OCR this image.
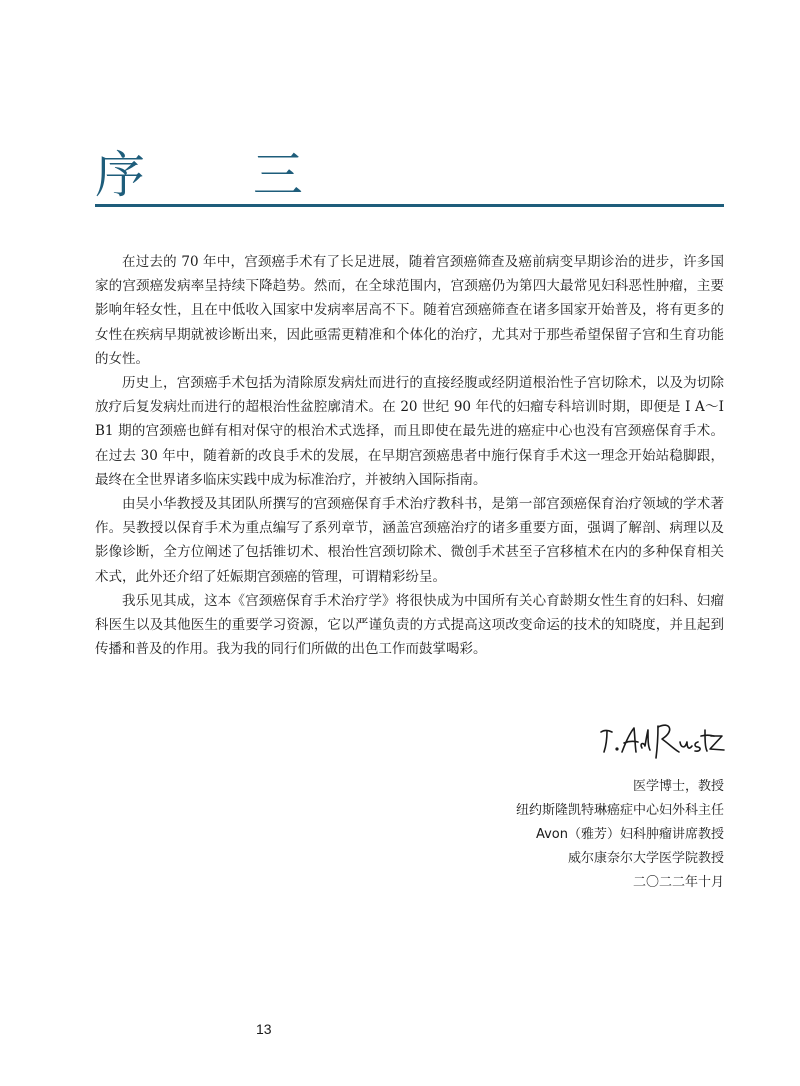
序 三

在过去的 70 年中，宫颈癌手术有了长足进展，随着宫颈癌筛查及癌前病变早期诊治的进步，许多国家的宫颈癌发病率呈持续下降趋势。然而，在全球范围内，宫颈癌仍为第四大最常见妇科恶性肿瘤，主要影响年轻女性，且在中低收入国家中发病率居高不下。随着宫颈癌筛查在诸多国家开始普及，将有更多的女性在疾病早期就被诊断出来，因此亟需更精准和个体化的治疗，尤其对于那些希望保留子宫和生育功能的女性。

历史上，宫颈癌手术包括为清除原发病灶而进行的直接经腹或经阴道根治性子宫切除术，以及为切除放疗后复发病灶而进行的超根治性盆腔廓清术。在 20 世纪 90 年代的妇瘤专科培训时期，即便是 Ⅰ A～Ⅰ B1 期的宫颈癌也鲜有相对保守的根治术式选择，而且即使在最先进的癌症中心也没有宫颈癌保育手术。在过去 30 年中，随着新的改良手术的发展，在早期宫颈癌患者中施行保育手术这一理念开始站稳脚跟，最终在全世界诸多临床实践中成为标准治疗，并被纳入国际指南。

由吴小华教授及其团队所撰写的宫颈癌保育手术治疗教科书，是第一部宫颈癌保育治疗领域的学术著作。吴教授以保育手术为重点编写了系列章节，涵盖宫颈癌治疗的诸多重要方面，强调了解剖、病理以及影像诊断，全方位阐述了包括锥切术、根治性宫颈切除术、微创手术甚至子宫移植术在内的多种保育相关术式，此外还介绍了妊娠期宫颈癌的管理，可谓精彩纷呈。

我乐见其成，这本《宫颈癌保育手术治疗学》将很快成为中国所有关心育龄期女性生育的妇科、妇瘤科医生以及其他医生的重要学习资源，它以严谨负责的方式提高这项改变命运的技术的知晓度，并且起到传播和普及的作用。我为我的同行们所做的出色工作而鼓掌喝彩。

医学博士，教授
纽约斯隆凯特琳癌症中心妇外科主任
Avon（雅芳）妇科肿瘤讲席教授
威尔康奈尔大学医学院教授
二〇二二年十月
13
